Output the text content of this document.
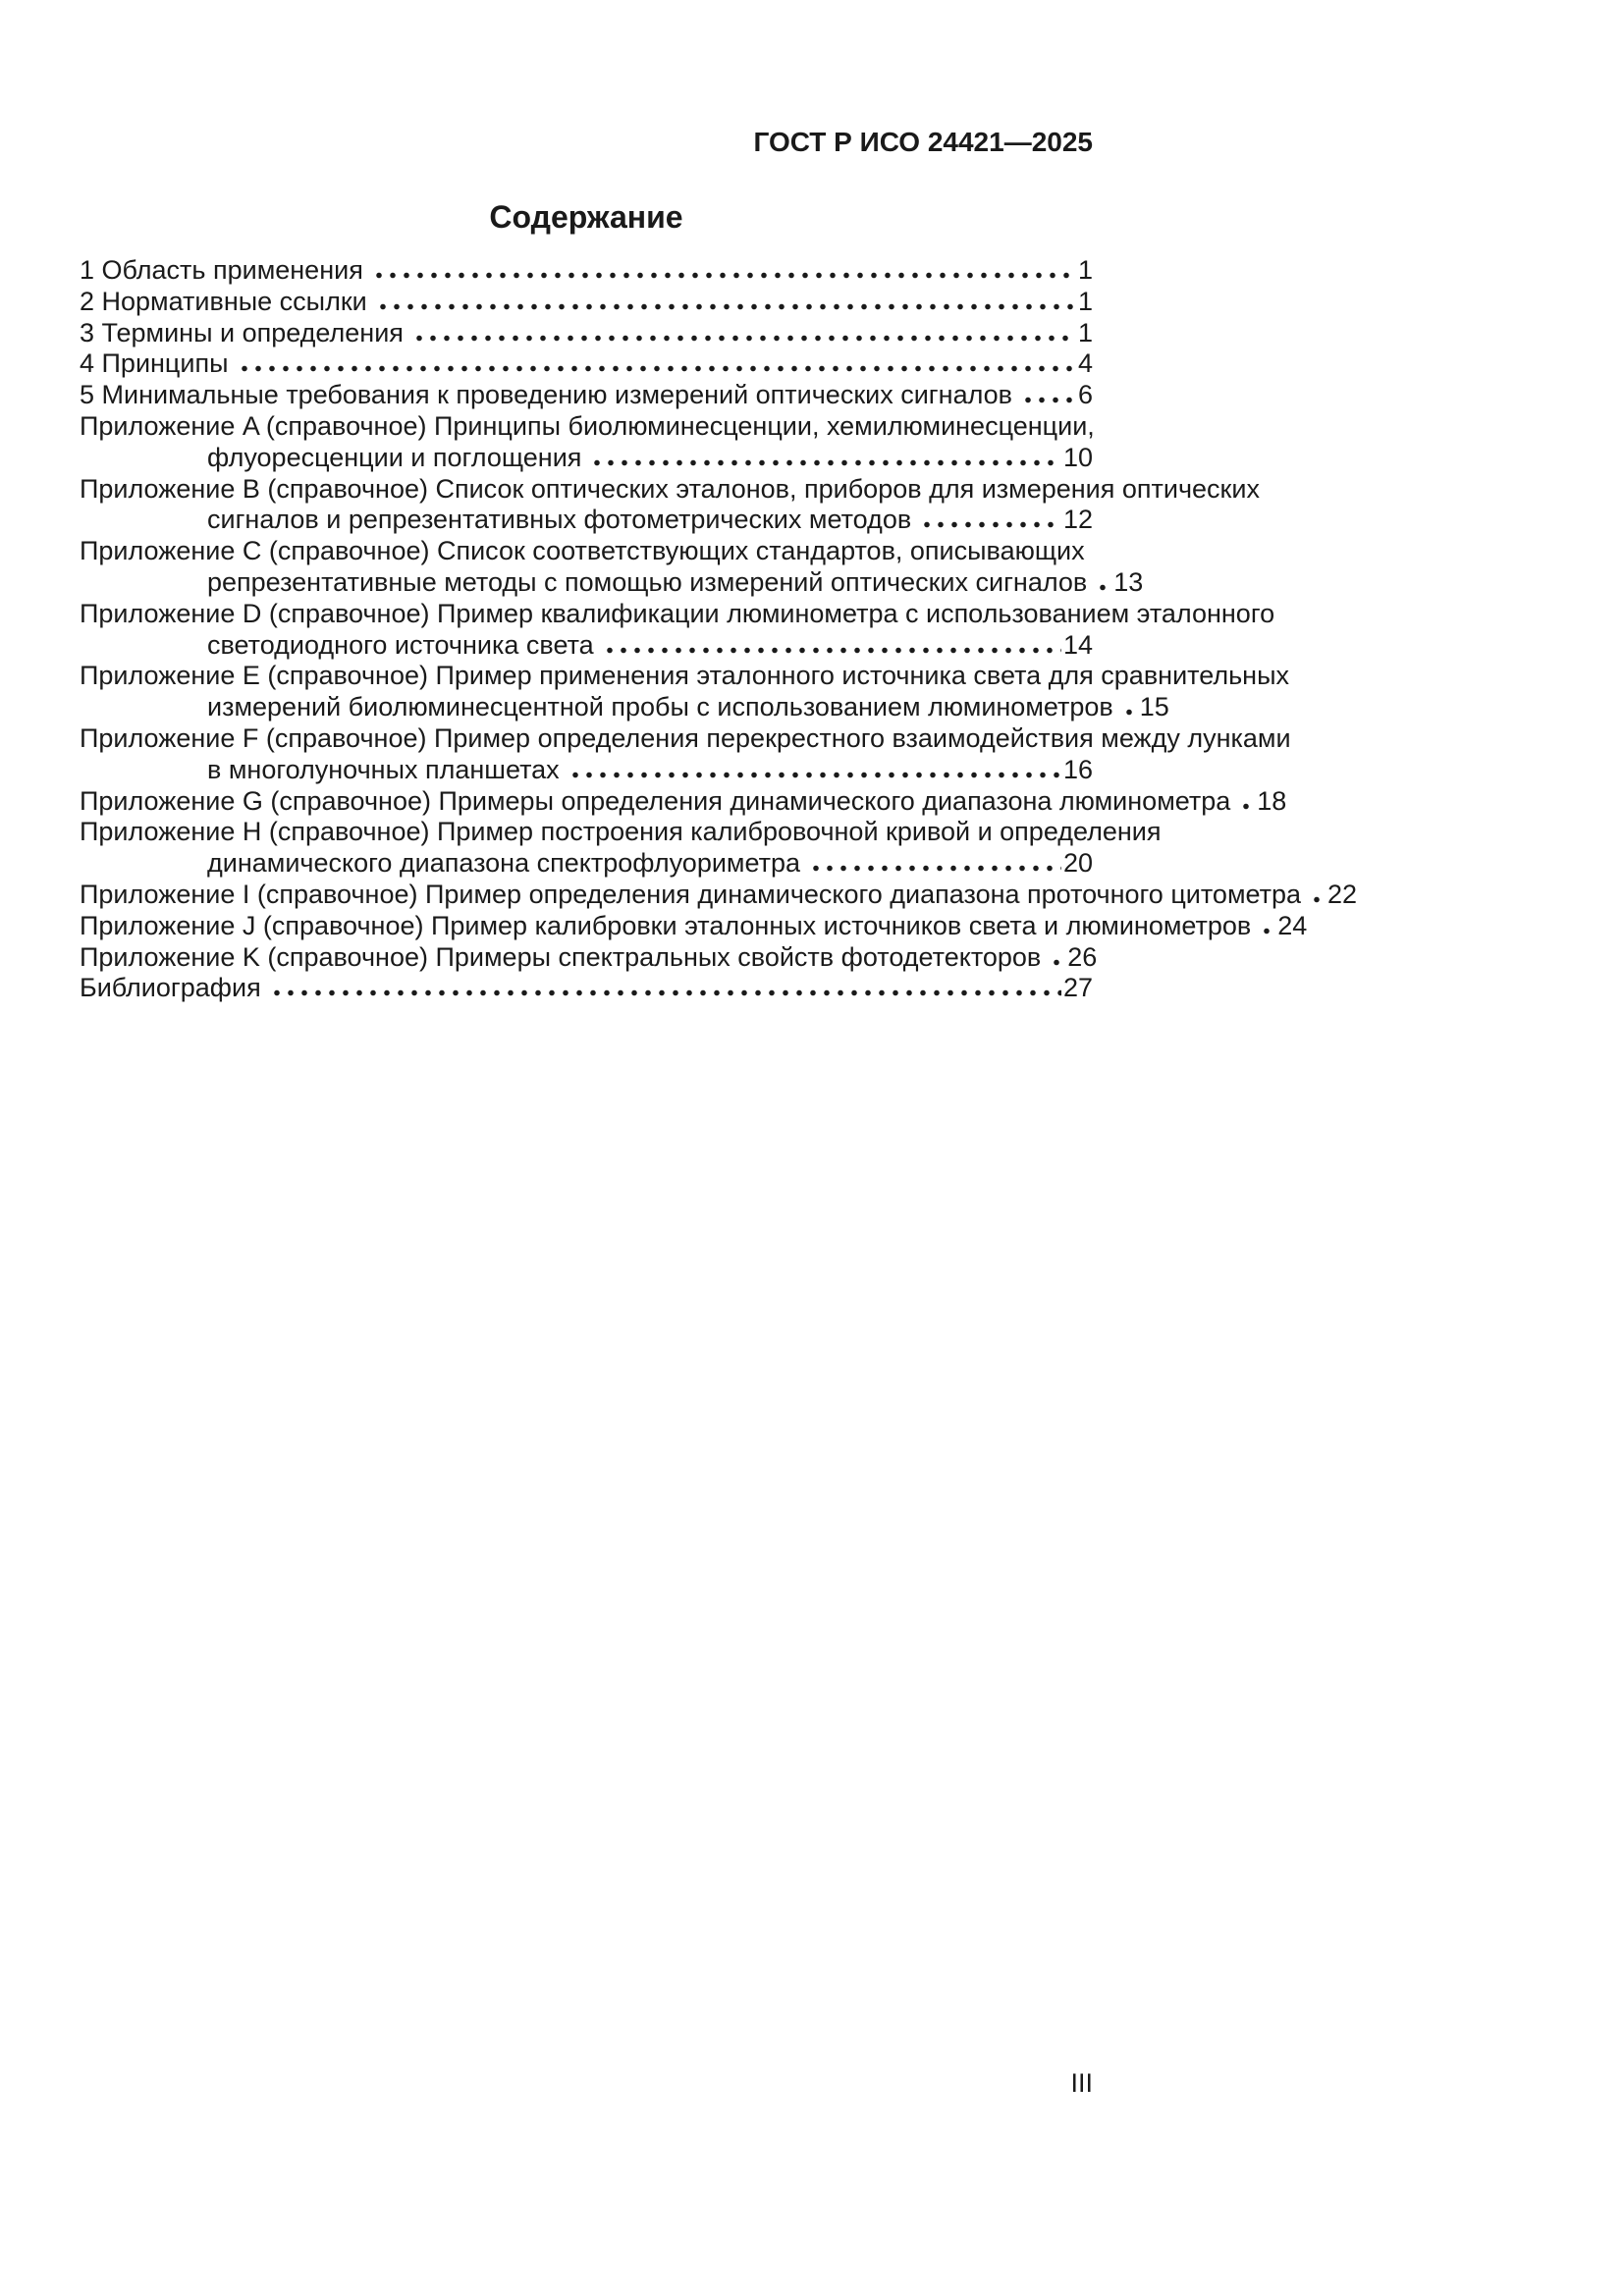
ГОСТ Р ИСО 24421—2025
Содержание
1 Область применения	1
2 Нормативные ссылки	1
3 Термины и определения	1
4 Принципы	4
5 Минимальные требования к проведению измерений оптических сигналов 6
Приложение A (справочное) Принципы биолюминесценции, хемилюминесценции,
флуоресценции и поглощения	10
Приложение B (справочное) Список оптических эталонов, приборов для измерения оптических
сигналов и репрезентативных фотометрических методов	12
Приложение C (справочное) Список соответствующих стандартов, описывающих
репрезентативные методы с помощью измерений оптических сигналов 13
Приложение D (справочное) Пример квалификации люминометра с использованием эталонного
светодиодного источника света	14
Приложение E (справочное) Пример применения эталонного источника света для сравнительных
измерений биолюминесцентной пробы с использованием люминометров 15
Приложение F (справочное) Пример определения перекрестного взаимодействия между лунками
в многолуночных планшетах	16
Приложение G (справочное) Примеры определения динамического диапазона люминометра 18
Приложение H (справочное) Пример построения калибровочной кривой и определения
динамического диапазона спектрофлуориметра	20
Приложение I (справочное) Пример определения динамического диапазона проточного цитометра 22
Приложение J (справочное) Пример калибровки эталонных источников света и люминометров 24
Приложение K (справочное) Примеры спектральных свойств фотодетекторов 26
Библиография	27
III
